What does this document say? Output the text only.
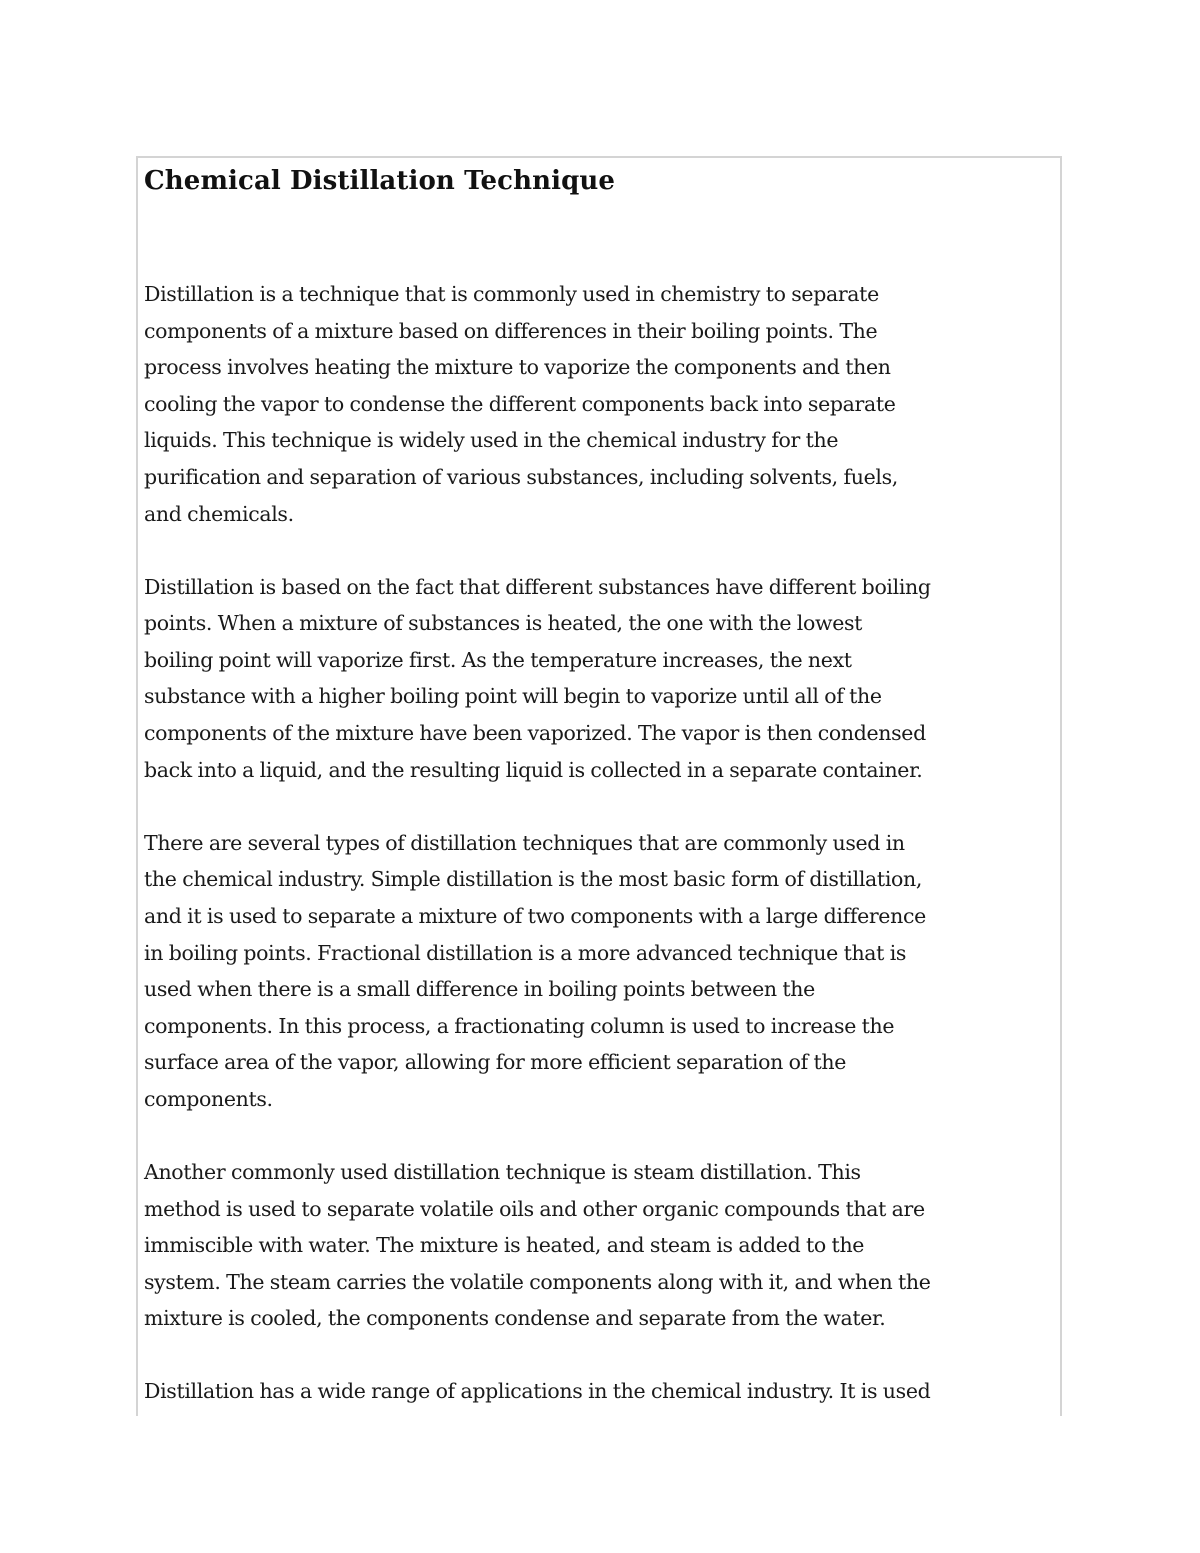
Chemical Distillation Technique

Distillation is a technique that is commonly used in chemistry to separate
components of a mixture based on differences in their boiling points. The
process involves heating the mixture to vaporize the components and then
cooling the vapor to condense the different components back into separate
liquids. This technique is widely used in the chemical industry for the
purification and separation of various substances, including solvents, fuels,
and chemicals.

Distillation is based on the fact that different substances have different boiling
points. When a mixture of substances is heated, the one with the lowest
boiling point will vaporize first. As the temperature increases, the next
substance with a higher boiling point will begin to vaporize until all of the
components of the mixture have been vaporized. The vapor is then condensed
back into a liquid, and the resulting liquid is collected in a separate container.

There are several types of distillation techniques that are commonly used in
the chemical industry. Simple distillation is the most basic form of distillation,
and it is used to separate a mixture of two components with a large difference
in boiling points. Fractional distillation is a more advanced technique that is
used when there is a small difference in boiling points between the
components. In this process, a fractionating column is used to increase the
surface area of the vapor, allowing for more efficient separation of the
components.

Another commonly used distillation technique is steam distillation. This
method is used to separate volatile oils and other organic compounds that are
immiscible with water. The mixture is heated, and steam is added to the
system. The steam carries the volatile components along with it, and when the
mixture is cooled, the components condense and separate from the water.

Distillation has a wide range of applications in the chemical industry. It is used
